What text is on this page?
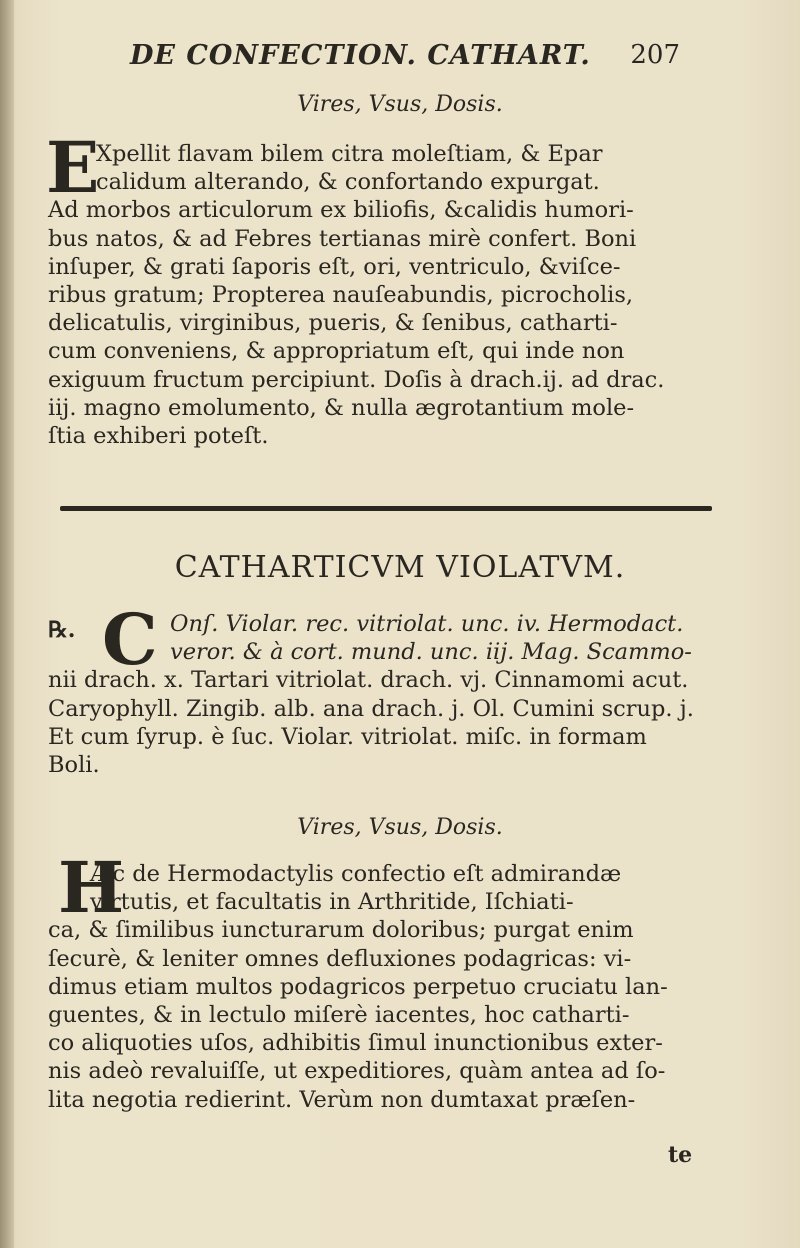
DE CONFECTION. CATHART. 207
Vires, Vsus, Dosis.
E
Xpellit flavam bilem citra moleſtiam, & Epar
calidum alterando, & confortando expurgat.
Ad morbos articulorum ex biliofis, &calidis humori-
bus natos, & ad Febres tertianas mirè confert. Boni
inſuper, & grati ſaporis eſt, ori, ventriculo, &viſce-
ribus gratum; Propterea nauſeabundis, picrocholis,
delicatulis, virginibus, pueris, & ſenibus, catharti-
cum conveniens, & appropriatum eſt, qui inde non
exiguum fructum percipiunt. Doſis à drach.ij. ad drac.
iij. magno emolumento, & nulla ægrotantium mole-
ſtia exhiberi poteſt.
CATHARTICVM VIOLATVM.
℞. C Onſ. Violar. rec. vitriolat. unc. iv. Hermodact.
veror. & à cort. mund. unc. iij. Mag. Scammo-
nii drach. x. Tartari vitriolat. drach. vj. Cinnamomi acut.
Caryophyll. Zingib. alb. ana drach. j. Ol. Cumini scrup. j.
Et cum ſyrup. è ſuc. Violar. vitriolat. miſc. in formam
Boli.
Vires, Vsus, Dosis.
H
Æc de Hermodactylis confectio eſt admirandæ
virtutis, et facultatis in Arthritide, Iſchiati-
ca, & ſimilibus iuncturarum doloribus; purgat enim
ſecurè, & leniter omnes defluxiones podagricas: vi-
dimus etiam multos podagricos perpetuo cruciatu lan-
guentes, & in lectulo miſerè iacentes, hoc catharti-
co aliquoties uſos, adhibitis ſimul inunctionibus exter-
nis adeò revaluiſſe, ut expeditiores, quàm antea ad ſo-
lita negotia redierint. Verùm non dumtaxat præſen-
te
